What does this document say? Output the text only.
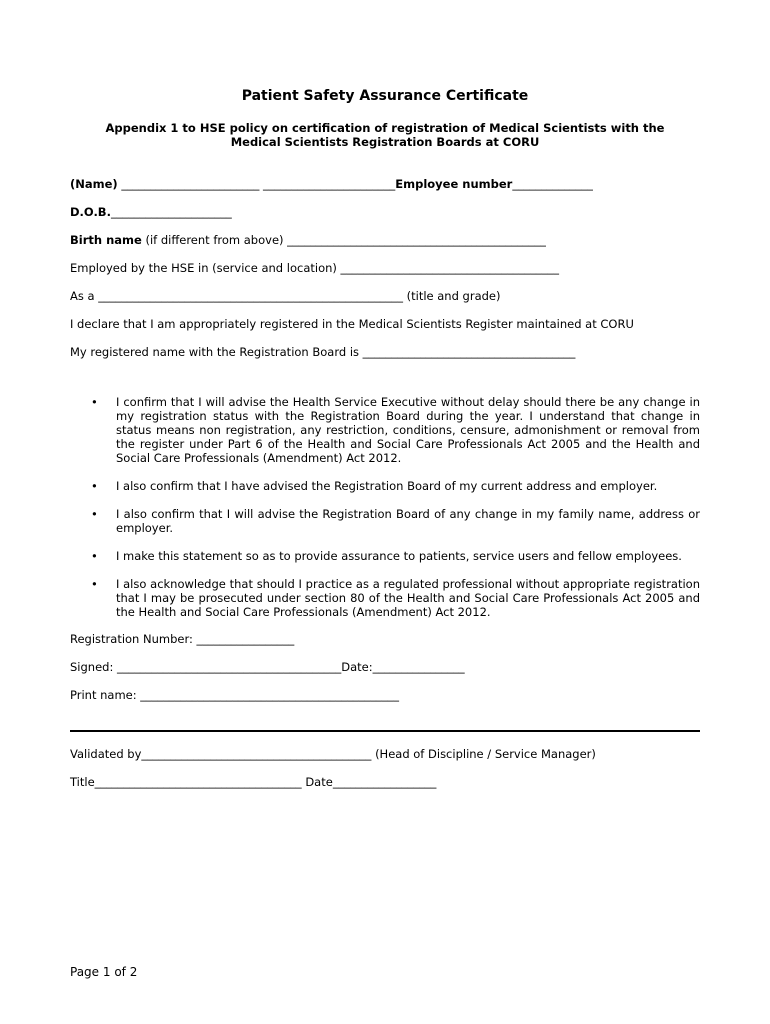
Patient Safety Assurance Certificate
Appendix 1 to HSE policy on certification of registration of Medical Scientists with the Medical Scientists Registration Boards at CORU
(Name) ________________________ _______________________Employee number______________
D.O.B._____________________
Birth name (if different from above) _____________________________________________
Employed by the HSE in (service and location) ______________________________________
As a _____________________________________________________ (title and grade)
I declare that I am appropriately registered in the Medical Scientists Register maintained at CORU
My registered name with the Registration Board is _____________________________________
• I confirm that I will advise the Health Service Executive without delay should there be any change in my registration status with the Registration Board during the year. I understand that change in status means non registration, any restriction, conditions, censure, admonishment or removal from the register under Part 6 of the Health and Social Care Professionals Act 2005 and the Health and Social Care Professionals (Amendment) Act 2012.
• I also confirm that I have advised the Registration Board of my current address and employer.
• I also confirm that I will advise the Registration Board of any change in my family name, address or employer.
• I make this statement so as to provide assurance to patients, service users and fellow employees.
• I also acknowledge that should I practice as a regulated professional without appropriate registration that I may be prosecuted under section 80 of the Health and Social Care Professionals Act 2005 and the Health and Social Care Professionals (Amendment) Act 2012.
Registration Number: _________________
Signed: _______________________________________Date:________________
Print name: _____________________________________________
Validated by________________________________________ (Head of Discipline / Service Manager)
Title____________________________________ Date__________________
Page 1 of 2
